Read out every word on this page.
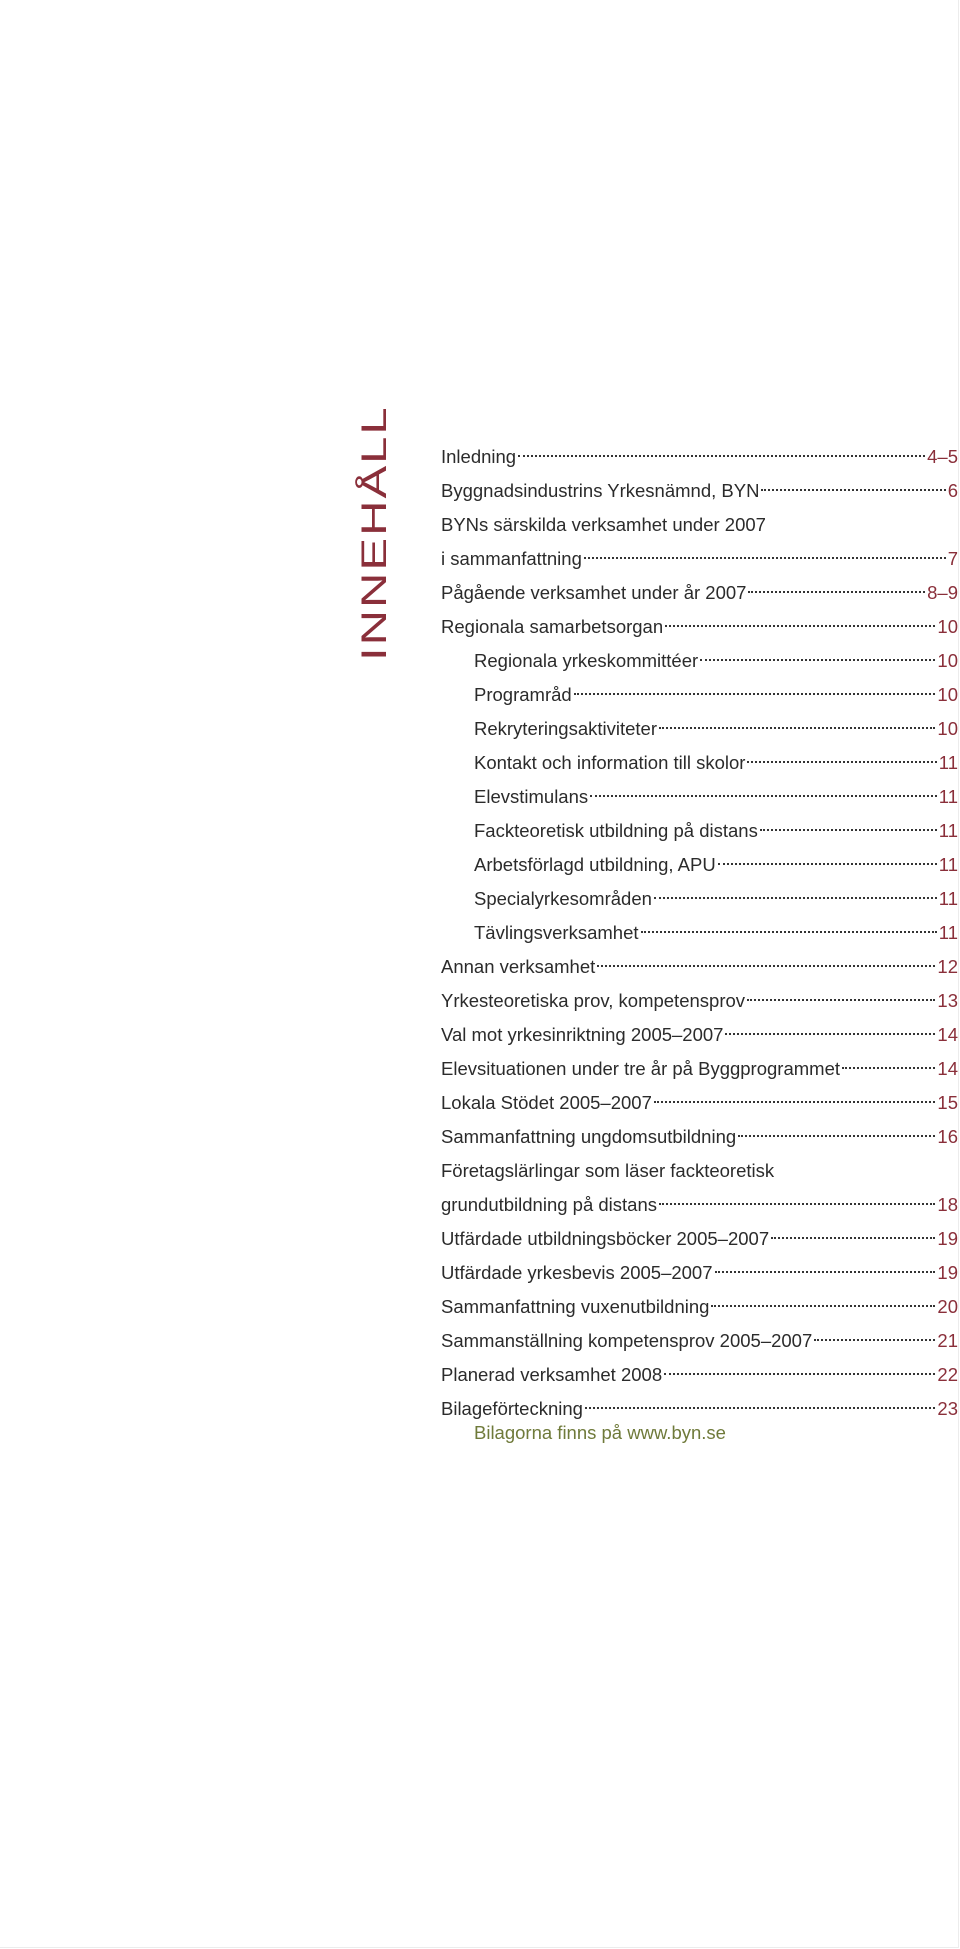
INNEHÅLL	Inledning	4–5
Byggnadsindustrins Yrkesnämnd, BYN	6
BYNs särskilda verksamhet under 2007
i sammanfattning	7
Pågående verksamhet under år 2007	8–9
Regionala samarbetsorgan	10
Regionala yrkeskommittéer	10
Programråd	10
Rekryteringsaktiviteter	10
Kontakt och information till skolor	11
Elevstimulans	11
Fackteoretisk utbildning på distans	11
Arbetsförlagd utbildning, APU	11
Specialyrkesområden	11
Tävlingsverksamhet	11
Annan verksamhet	12
Yrkesteoretiska prov, kompetensprov	13
Val mot yrkesinriktning 2005–2007	14
Elevsituationen under tre år på Byggprogrammet	14
Lokala Stödet 2005–2007	15
Sammanfattning ungdomsutbildning	16
Företagslärlingar som läser fackteoretisk
grundutbildning på distans	18
Utfärdade utbildningsböcker 2005–2007	19
Utfärdade yrkesbevis 2005–2007	19
Sammanfattning vuxenutbildning	20
Sammanställning kompetensprov 2005–2007	21
Planerad verksamhet 2008	22
Bilageförteckning	23
Bilagorna finns på www.byn.se
